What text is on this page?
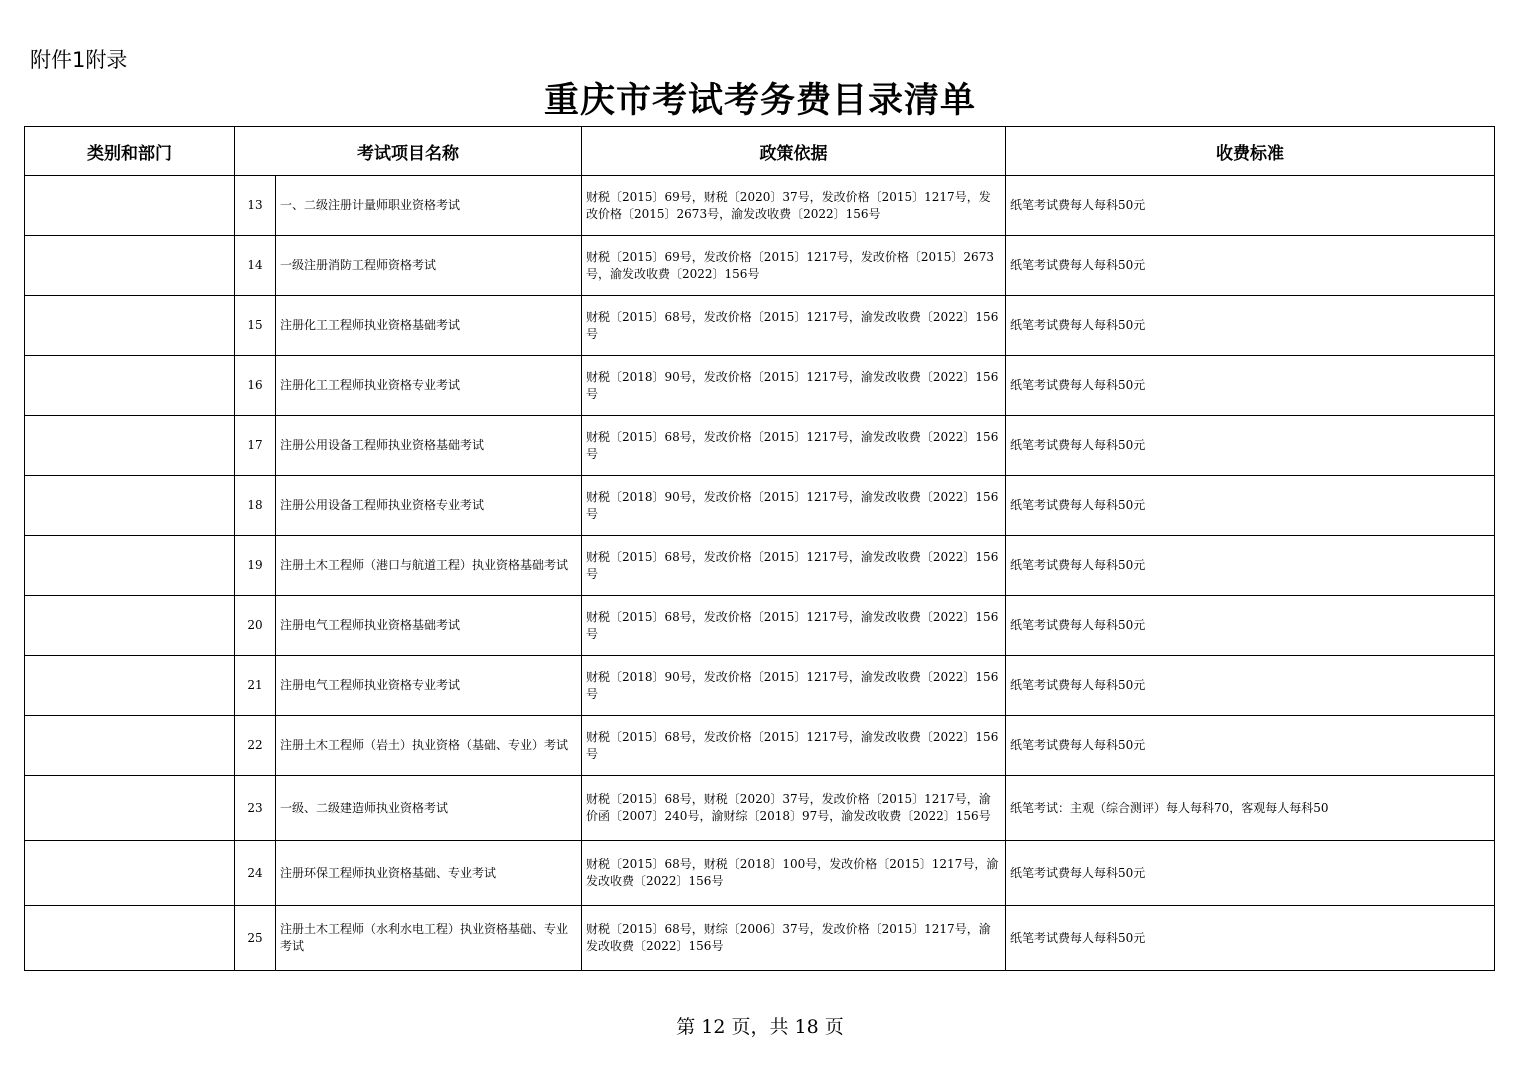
附件1附录
重庆市考试考务费目录清单
类别和部门	考试项目名称		政策依据	收费标准
	13	一、二级注册计量师职业资格考试	财税〔2015〕69号，财税〔2020〕37号，发改价格〔2015〕1217号，发改价格〔2015〕2673号，渝发改收费〔2022〕156号	纸笔考试费每人每科50元
	14	一级注册消防工程师资格考试	财税〔2015〕69号，发改价格〔2015〕1217号，发改价格〔2015〕2673号，渝发改收费〔2022〕156号	纸笔考试费每人每科50元
	15	注册化工工程师执业资格基础考试	财税〔2015〕68号，发改价格〔2015〕1217号，渝发改收费〔2022〕156号	纸笔考试费每人每科50元
	16	注册化工工程师执业资格专业考试	财税〔2018〕90号，发改价格〔2015〕1217号，渝发改收费〔2022〕156号	纸笔考试费每人每科50元
	17	注册公用设备工程师执业资格基础考试	财税〔2015〕68号，发改价格〔2015〕1217号，渝发改收费〔2022〕156号	纸笔考试费每人每科50元
	18	注册公用设备工程师执业资格专业考试	财税〔2018〕90号，发改价格〔2015〕1217号，渝发改收费〔2022〕156号	纸笔考试费每人每科50元
	19	注册土木工程师（港口与航道工程）执业资格基础考试	财税〔2015〕68号，发改价格〔2015〕1217号，渝发改收费〔2022〕156号	纸笔考试费每人每科50元
	20	注册电气工程师执业资格基础考试	财税〔2015〕68号，发改价格〔2015〕1217号，渝发改收费〔2022〕156号	纸笔考试费每人每科50元
	21	注册电气工程师执业资格专业考试	财税〔2018〕90号，发改价格〔2015〕1217号，渝发改收费〔2022〕156号	纸笔考试费每人每科50元
	22	注册土木工程师（岩土）执业资格（基础、专业）考试	财税〔2015〕68号，发改价格〔2015〕1217号，渝发改收费〔2022〕156号	纸笔考试费每人每科50元
	23	一级、二级建造师执业资格考试	财税〔2015〕68号，财税〔2020〕37号，发改价格〔2015〕1217号，渝价函〔2007〕240号，渝财综〔2018〕97号，渝发改收费〔2022〕156号	纸笔考试：主观（综合测评）每人每科70，客观每人每科50
	24	注册环保工程师执业资格基础、专业考试	财税〔2015〕68号，财税〔2018〕100号，发改价格〔2015〕1217号，渝发改收费〔2022〕156号	纸笔考试费每人每科50元
	25	注册土木工程师（水利水电工程）执业资格基础、专业考试	财税〔2015〕68号，财综〔2006〕37号，发改价格〔2015〕1217号，渝发改收费〔2022〕156号	纸笔考试费每人每科50元
第 12 页，共 18 页
